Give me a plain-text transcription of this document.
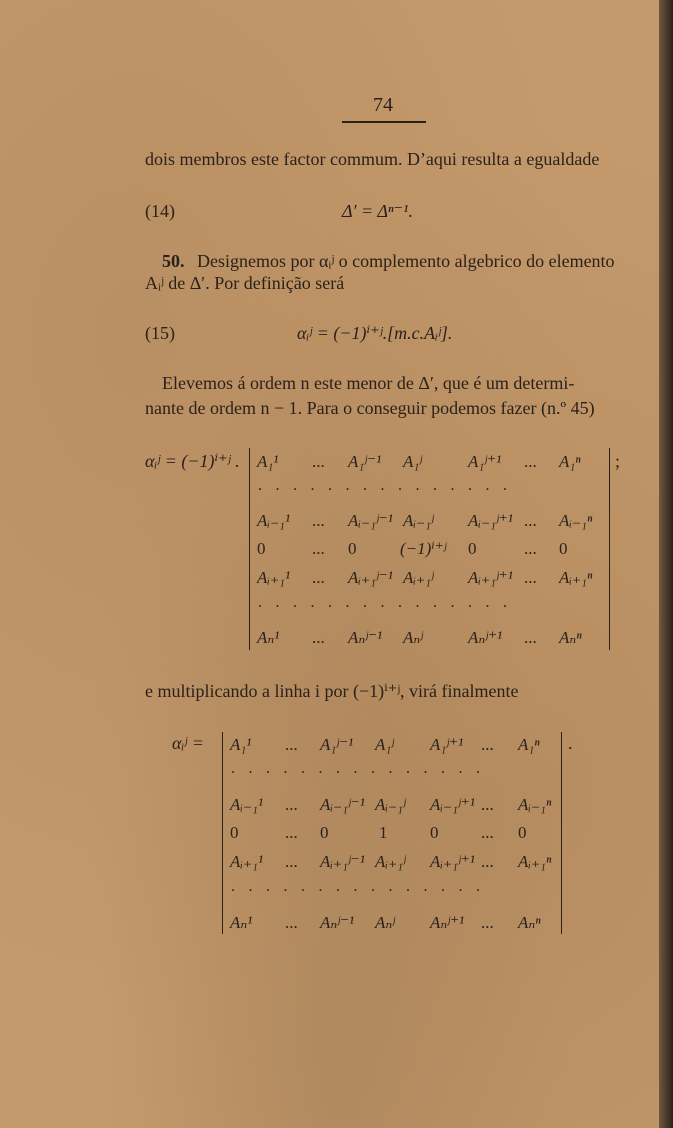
74
dois membros este factor commum. D’aqui resulta a egualdade
(14)	Δ′ = Δⁿ⁻¹.
50. Designemos por αᵢʲ o complemento algebrico do elemento
Aᵢʲ de Δ′. Por definição será
(15)	αᵢʲ = (−1)ⁱ⁺ʲ.[m.c.Aᵢʲ].
Elevemos á ordem n este menor de Δ′, que é um determi-
nante de ordem n − 1. Para o conseguir podemos fazer (n.º 45)
αᵢʲ = (−1)ⁱ⁺ʲ .	;
A₁¹ ... A₁ʲ⁻¹ A₁ʲ	A₁ʲ⁺¹ ... A₁ⁿ
...............
Aᵢ₋₁¹ ... Aᵢ₋₁ʲ⁻¹ Aᵢ₋₁ʲ Aᵢ₋₁ʲ⁺¹ ... Aᵢ₋₁ⁿ
0	... 0	(−1)ⁱ⁺ʲ 0	... 0
Aᵢ₊₁¹ ... Aᵢ₊₁ʲ⁻¹ Aᵢ₊₁ʲ Aᵢ₊₁ʲ⁺¹ ... Aᵢ₊₁ⁿ
...............
Aₙ¹ ... Aₙʲ⁻¹ Aₙʲ	Aₙʲ⁺¹ ... Aₙⁿ
e multiplicando a linha i por (−1)ⁱ⁺ʲ, virá finalmente
αᵢʲ =	.
A₁¹ ... A₁ʲ⁻¹ A₁ʲ A₁ʲ⁺¹ ... A₁ⁿ
...............
Aᵢ₋₁¹ ... Aᵢ₋₁ʲ⁻¹ Aᵢ₋₁ʲ Aᵢ₋₁ʲ⁺¹ ... Aᵢ₋₁ⁿ
0	... 0	1	0	... 0
Aᵢ₊₁¹ ... Aᵢ₊₁ʲ⁻¹ Aᵢ₊₁ʲ Aᵢ₊₁ʲ⁺¹ ... Aᵢ₊₁ⁿ
...............
Aₙ¹ ... Aₙʲ⁻¹ Aₙʲ Aₙʲ⁺¹ ... Aₙⁿ
